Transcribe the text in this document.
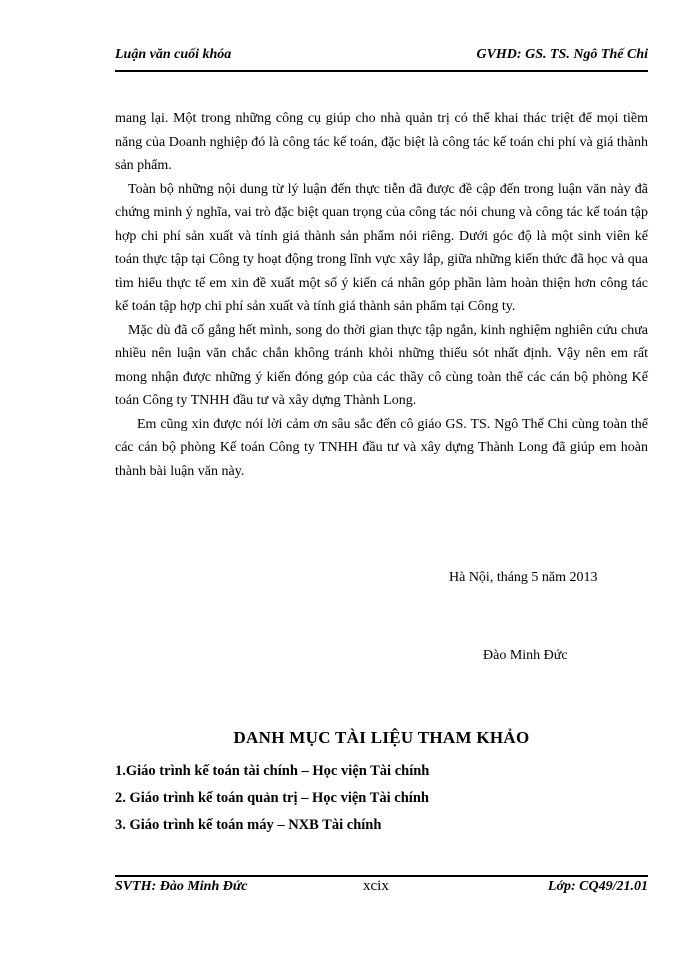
Luận văn cuối khóa	GVHD: GS. TS. Ngô Thế Chi

mang lại. Một trong những công cụ giúp cho nhà quản trị có thể khai thác triệt để mọi tiềm năng của Doanh nghiệp đó là công tác kế toán, đặc biệt là công tác kế toán chi phí và giá thành sản phẩm.

Toàn bộ những nội dung từ lý luận đến thực tiễn đã được đề cập đến trong luận văn này đã chứng minh ý nghĩa, vai trò đặc biệt quan trọng của công tác nói chung và công tác kế toán tập hợp chi phí sản xuất và tính giá thành sản phẩm nói riêng. Dưới góc độ là một sinh viên kế toán thực tập tại Công ty hoạt động trong lĩnh vực xây lắp, giữa những kiến thức đã học và qua tìm hiểu thực tế em xin đề xuất một số ý kiến cá nhân góp phần làm hoàn thiện hơn công tác kế toán tập hợp chi phí sản xuất và tính giá thành sản phẩm tại Công ty.

Mặc dù đã cố gắng hết mình, song do thời gian thực tập ngắn, kinh nghiệm nghiên cứu chưa nhiều nên luận văn chắc chắn không tránh khỏi những thiếu sót nhất định. Vậy nên em rất mong nhận được những ý kiến đóng góp của các thầy cô cùng toàn thể các cán bộ phòng Kế toán Công ty TNHH đầu tư và xây dựng Thành Long.

Em cũng xin được nói lời cảm ơn sâu sắc đến cô giáo GS. TS. Ngô Thế Chi cùng toàn thể các cán bộ phòng Kế toán Công ty TNHH đầu tư và xây dựng Thành Long đã giúp em hoàn thành bài luận văn này.

Hà Nội, tháng 5 năm 2013
Đào Minh Đức
DANH MỤC TÀI LIỆU THAM KHẢO
1.Giáo trình kế toán tài chính – Học viện Tài chính
2. Giáo trình kế toán quản trị – Học viện Tài chính
3. Giáo trình kế toán máy – NXB Tài chính
SVTH: Đào Minh Đức	xcix	Lớp: CQ49/21.01
